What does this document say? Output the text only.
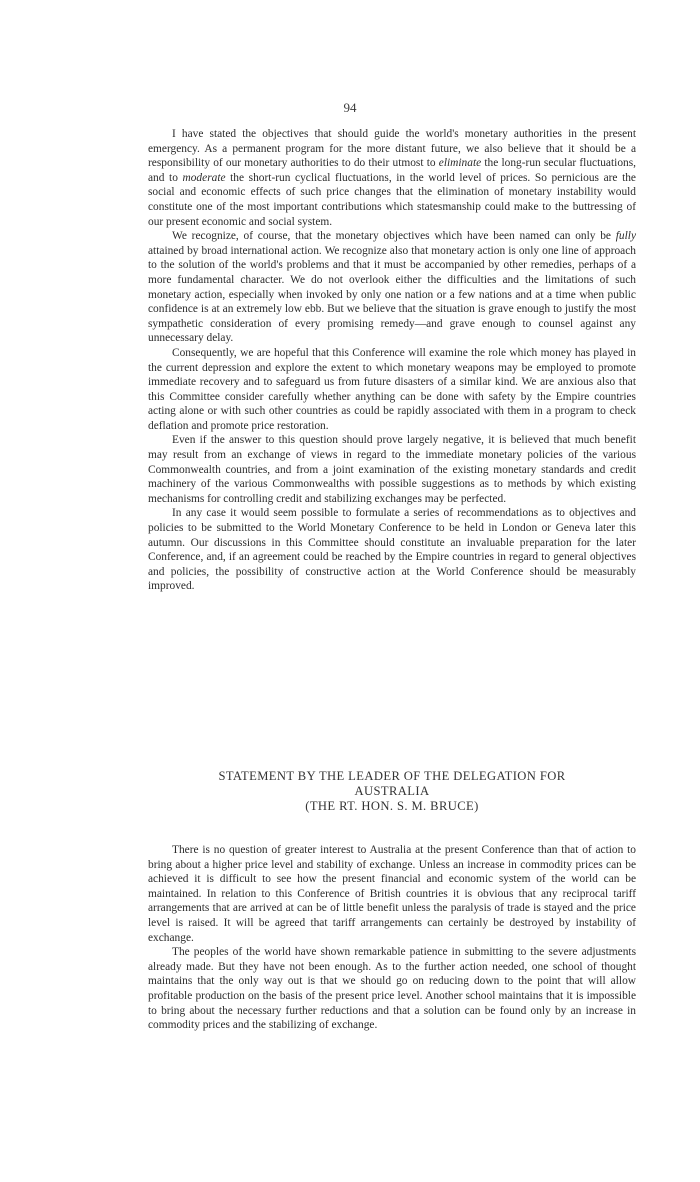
94

I have stated the objectives that should guide the world's monetary authorities in the present emergency. As a permanent program for the more distant future, we also believe that it should be a responsibility of our monetary authorities to do their utmost to eliminate the long-run secular fluctuations, and to moderate the short-run cyclical fluctuations, in the world level of prices. So pernicious are the social and economic effects of such price changes that the elimination of monetary instability would constitute one of the most important contributions which statesmanship could make to the buttressing of our present economic and social system.

We recognize, of course, that the monetary objectives which have been named can only be fully attained by broad international action. We recognize also that monetary action is only one line of approach to the solution of the world's problems and that it must be accompanied by other remedies, perhaps of a more fundamental character. We do not overlook either the difficulties and the limitations of such monetary action, especially when invoked by only one nation or a few nations and at a time when public confidence is at an extremely low ebb. But we believe that the situation is grave enough to justify the most sympathetic consideration of every promising remedy—and grave enough to counsel against any unnecessary delay.

Consequently, we are hopeful that this Conference will examine the role which money has played in the current depression and explore the extent to which monetary weapons may be employed to promote immediate recovery and to safeguard us from future disasters of a similar kind. We are anxious also that this Committee consider carefully whether anything can be done with safety by the Empire countries acting alone or with such other countries as could be rapidly associated with them in a program to check deflation and promote price restoration.

Even if the answer to this question should prove largely negative, it is believed that much benefit may result from an exchange of views in regard to the immediate monetary policies of the various Commonwealth countries, and from a joint examination of the existing monetary standards and credit machinery of the various Commonwealths with possible suggestions as to methods by which existing mechanisms for controlling credit and stabilizing exchanges may be perfected.

In any case it would seem possible to formulate a series of recommendations as to objectives and policies to be submitted to the World Monetary Conference to be held in London or Geneva later this autumn. Our discussions in this Committee should constitute an invaluable preparation for the later Conference, and, if an agreement could be reached by the Empire countries in regard to general objectives and policies, the possibility of constructive action at the World Conference should be measurably improved.

STATEMENT BY THE LEADER OF THE DELEGATION FOR
AUSTRALIA
(THE RT. HON. S. M. BRUCE)

There is no question of greater interest to Australia at the present Conference than that of action to bring about a higher price level and stability of exchange. Unless an increase in commodity prices can be achieved it is difficult to see how the present financial and economic system of the world can be maintained. In relation to this Conference of British countries it is obvious that any reciprocal tariff arrangements that are arrived at can be of little benefit unless the paralysis of trade is stayed and the price level is raised. It will be agreed that tariff arrangements can certainly be destroyed by instability of exchange.

The peoples of the world have shown remarkable patience in submitting to the severe adjustments already made. But they have not been enough. As to the further action needed, one school of thought maintains that the only way out is that we should go on reducing down to the point that will allow profitable production on the basis of the present price level. Another school maintains that it is impossible to bring about the necessary further reductions and that a solution can be found only by an increase in commodity prices and the stabilizing of exchange.
